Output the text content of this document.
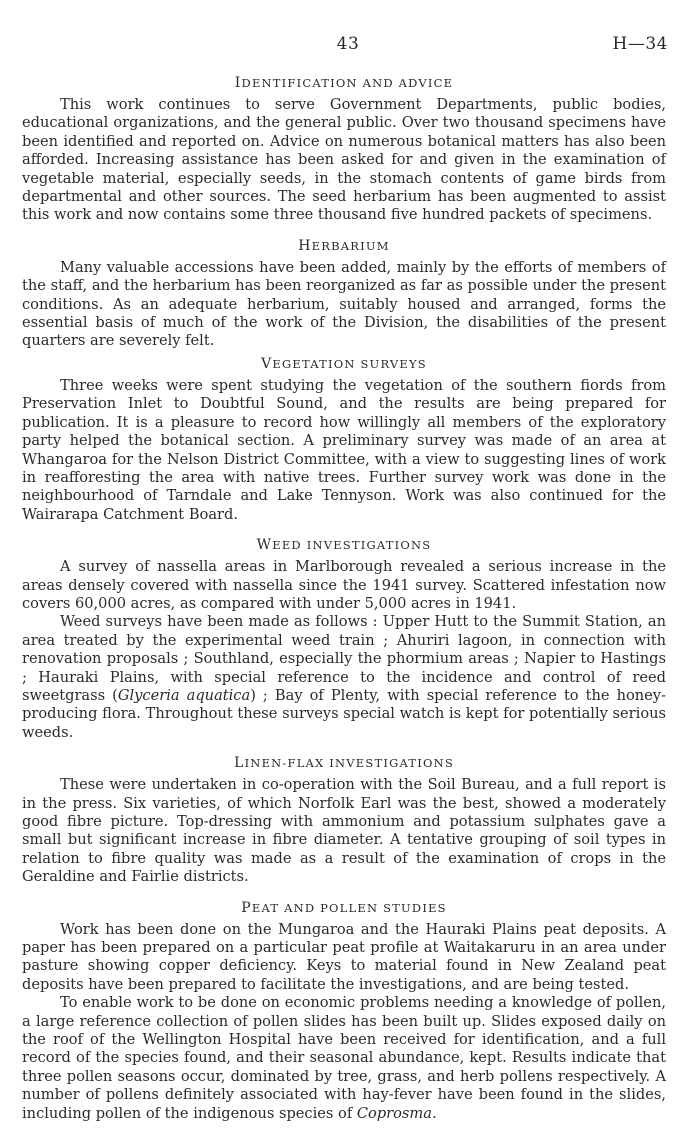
43	H—34
IDENTIFICATION AND ADVICE

This work continues to serve Government Departments, public bodies, educational organizations, and the general public. Over two thousand specimens have been identified and reported on. Advice on numerous botanical matters has also been afforded. Increasing assistance has been asked for and given in the examination of vegetable material, especially seeds, in the stomach contents of game birds from departmental and other sources. The seed herbarium has been augmented to assist this work and now contains some three thousand five hundred packets of specimens.

HERBARIUM

Many valuable accessions have been added, mainly by the efforts of members of the staff, and the herbarium has been reorganized as far as possible under the present conditions. As an adequate herbarium, suitably housed and arranged, forms the essential basis of much of the work of the Division, the disabilities of the present quarters are severely felt.

VEGETATION SURVEYS

Three weeks were spent studying the vegetation of the southern fiords from Preservation Inlet to Doubtful Sound, and the results are being prepared for publication. It is a pleasure to record how willingly all members of the exploratory party helped the botanical section. A preliminary survey was made of an area at Whangaroa for the Nelson District Committee, with a view to suggesting lines of work in reafforesting the area with native trees. Further survey work was done in the neighbourhood of Tarndale and Lake Tennyson. Work was also continued for the Wairarapa Catchment Board.

WEED INVESTIGATIONS

A survey of nassella areas in Marlborough revealed a serious increase in the areas densely covered with nassella since the 1941 survey. Scattered infestation now covers 60,000 acres, as compared with under 5,000 acres in 1941.

Weed surveys have been made as follows : Upper Hutt to the Summit Station, an area treated by the experimental weed train ; Ahuriri lagoon, in connection with renovation proposals ; Southland, especially the phormium areas ; Napier to Hastings ; Hauraki Plains, with special reference to the incidence and control of reed sweetgrass (Glyceria aquatica) ; Bay of Plenty, with special reference to the honey-producing flora. Throughout these surveys special watch is kept for potentially serious weeds.

LINEN-FLAX INVESTIGATIONS

These were undertaken in co-operation with the Soil Bureau, and a full report is in the press. Six varieties, of which Norfolk Earl was the best, showed a moderately good fibre picture. Top-dressing with ammonium and potassium sulphates gave a small but significant increase in fibre diameter. A tentative grouping of soil types in relation to fibre quality was made as a result of the examination of crops in the Geraldine and Fairlie districts.

PEAT AND POLLEN STUDIES

Work has been done on the Mungaroa and the Hauraki Plains peat deposits. A paper has been prepared on a particular peat profile at Waitakaruru in an area under pasture showing copper deficiency. Keys to material found in New Zealand peat deposits have been prepared to facilitate the investigations, and are being tested.

To enable work to be done on economic problems needing a knowledge of pollen, a large reference collection of pollen slides has been built up. Slides exposed daily on the roof of the Wellington Hospital have been received for identification, and a full record of the species found, and their seasonal abundance, kept. Results indicate that three pollen seasons occur, dominated by tree, grass, and herb pollens respectively. A number of pollens definitely associated with hay-fever have been found in the slides, including pollen of the indigenous species of Coprosma.
